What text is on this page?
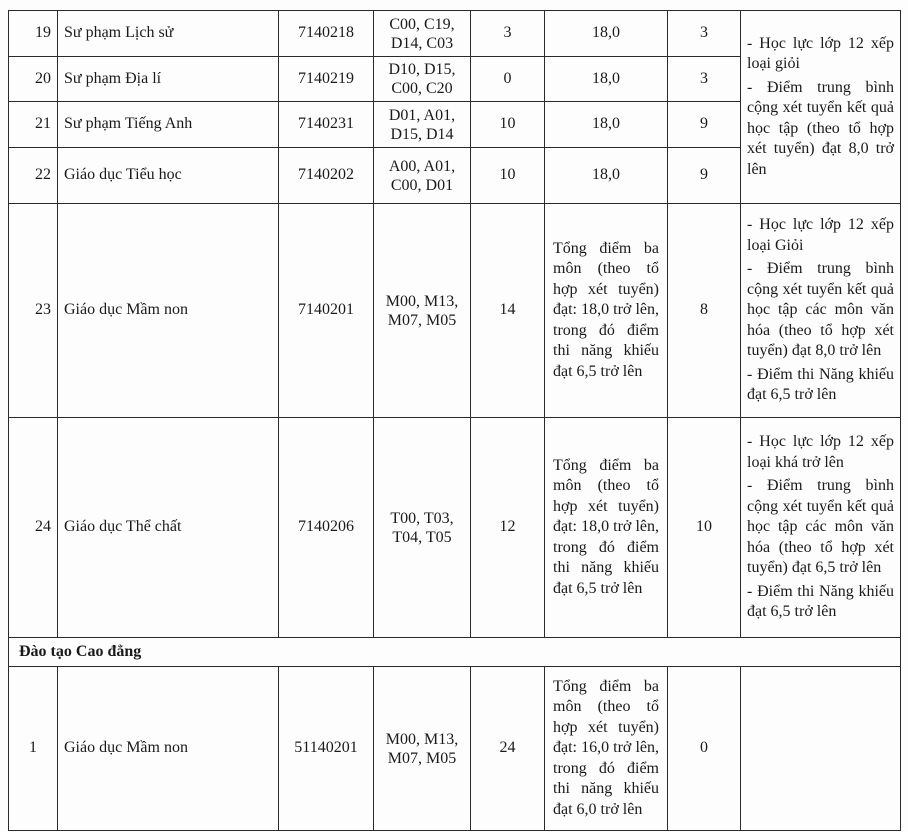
19	Sư phạm Lịch sử	7140218	C00, C19,
D14, C03	3	18,0	3	- Học lực lớp 12 xếp loại giỏi
- Điểm trung bình cộng xét tuyển kết quả học tập (theo tổ hợp xét tuyển) đạt 8,0 trở lên

20	Sư phạm Địa lí	7140219	D10, D15,
C00, C20	0	18,0	3	
21	Sư phạm Tiếng Anh	7140231	D01, A01,
D15, D14	10	18,0	9	
22	Giáo dục Tiểu học	7140202	A00, A01,
C00, D01	10	18,0	9	
23	Giáo dục Mầm non	7140201	M00, M13,
M07, M05	14	Tổng điểm ba môn (theo tổ hợp xét tuyển) đạt: 18,0 trở lên, trong đó điểm thi năng khiếu đạt 6,5 trở lên	8	- Học lực lớp 12 xếp loại Giỏi
- Điểm trung bình cộng xét tuyển kết quả học tập các môn văn hóa (theo tổ hợp xét tuyển) đạt 8,0 trở lên
- Điểm thi Năng khiếu đạt 6,5 trở lên

24	Giáo dục Thể chất	7140206	T00, T03,
T04, T05	12	Tổng điểm ba môn (theo tổ hợp xét tuyển) đạt: 18,0 trở lên, trong đó điểm thi năng khiếu đạt 6,5 trở lên	10	- Học lực lớp 12 xếp loại khá trở lên
- Điểm trung bình cộng xét tuyển kết quả học tập các môn văn hóa (theo tổ hợp xét tuyển) đạt 6,5 trở lên
- Điểm thi Năng khiếu đạt 6,5 trở lên

Đào tạo Cao đẳng							
1	Giáo dục Mầm non	51140201	M00, M13,
M07, M05	24	Tổng điểm ba môn (theo tổ hợp xét tuyển) đạt: 16,0 trở lên, trong đó điểm thi năng khiếu đạt 6,0 trở lên	0	
